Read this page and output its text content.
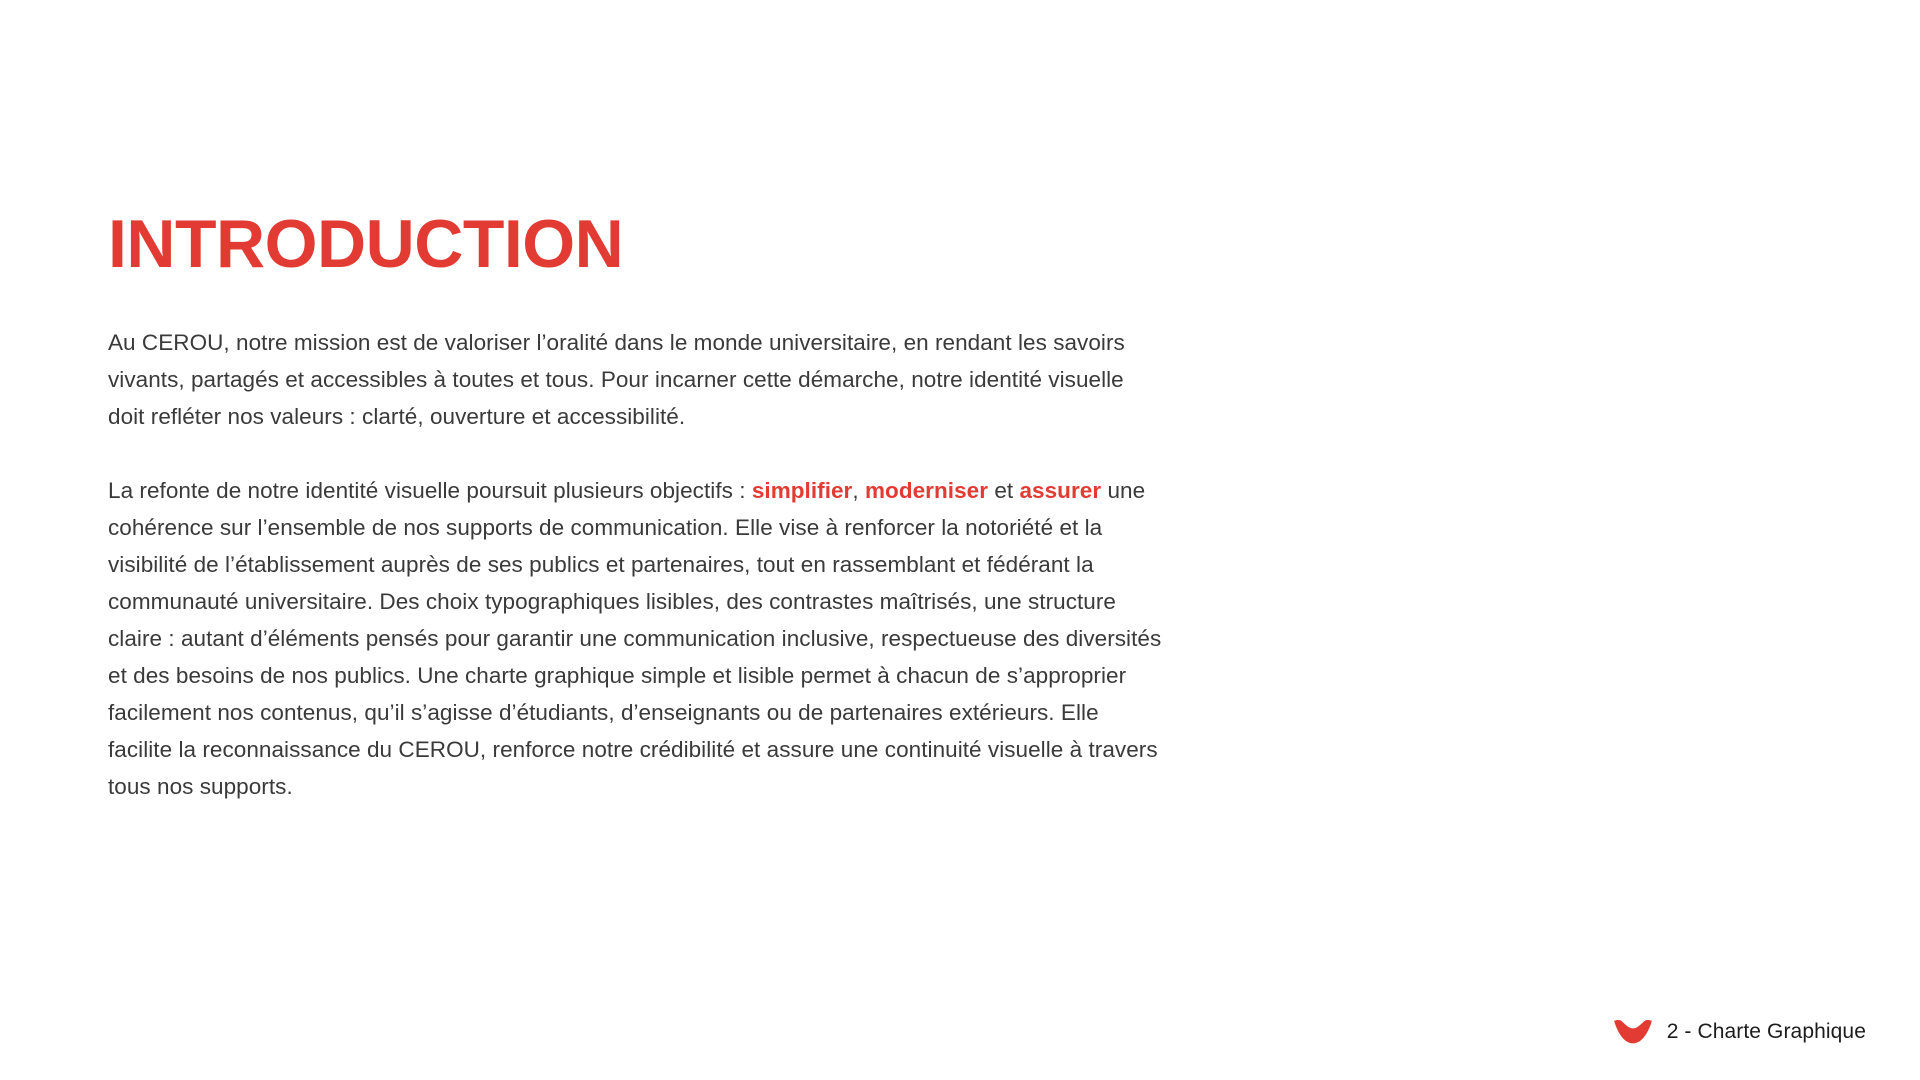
INTRODUCTION

Au CEROU, notre mission est de valoriser l’oralité dans le monde universitaire, en rendant les savoirs vivants, partagés et accessibles à toutes et tous. Pour incarner cette démarche, notre identité visuelle doit refléter nos valeurs : clarté, ouverture et accessibilité.

La refonte de notre identité visuelle poursuit plusieurs objectifs : simplifier, moderniser et assurer une cohérence sur l’ensemble de nos supports de communication. Elle vise à renforcer la notoriété et la visibilité de l’établissement auprès de ses publics et partenaires, tout en rassemblant et fédérant la communauté universitaire. Des choix typographiques lisibles, des contrastes maîtrisés, une structure claire : autant d’éléments pensés pour garantir une communication inclusive, respectueuse des diversités et des besoins de nos publics. Une charte graphique simple et lisible permet à chacun de s’approprier facilement nos contenus, qu’il s’agisse d’étudiants, d’enseignants ou de partenaires extérieurs. Elle facilite la reconnaissance du CEROU, renforce notre crédibilité et assure une continuité visuelle à travers tous nos supports.

2 - Charte Graphique
